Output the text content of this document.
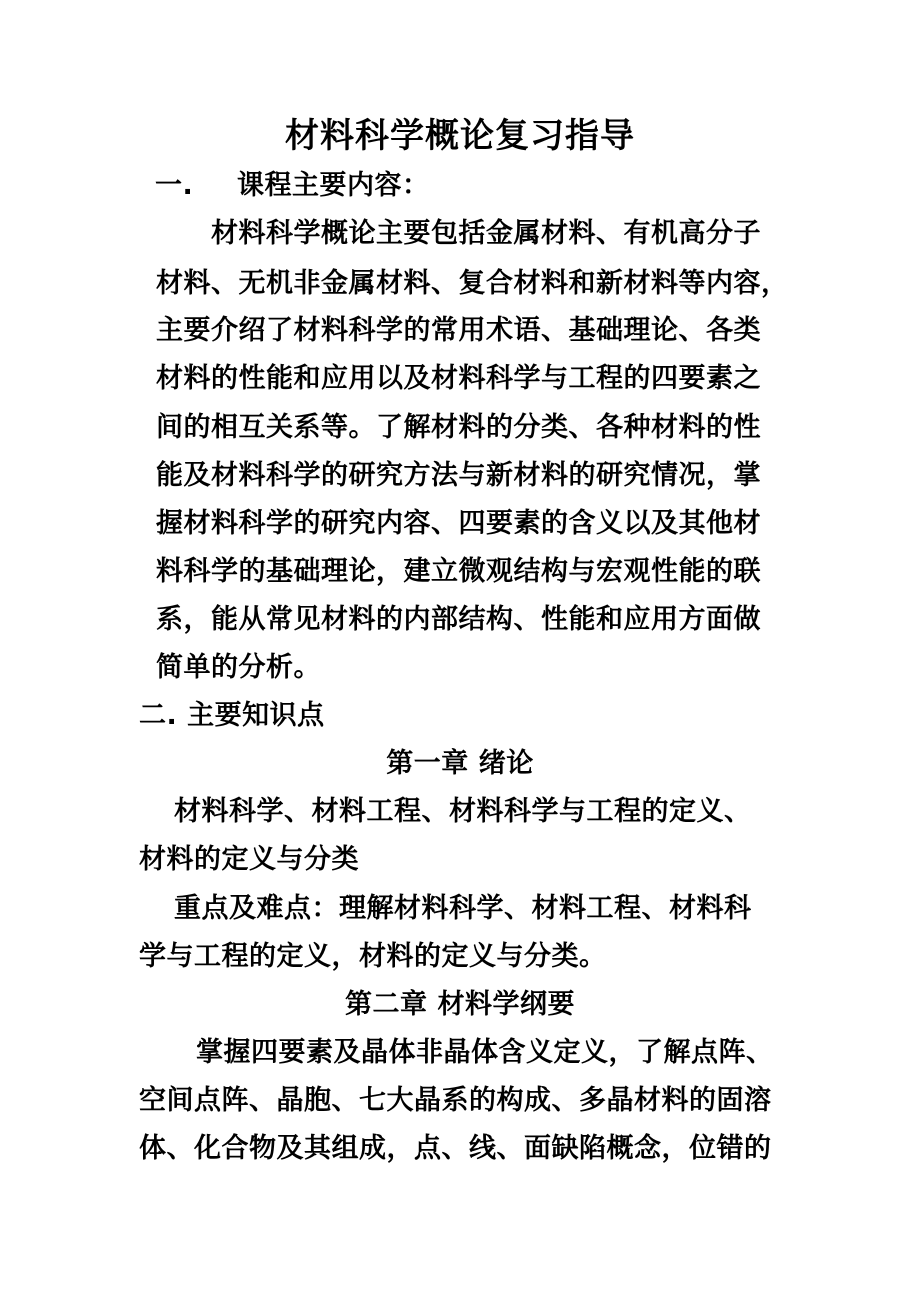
材料科学概论复习指导
一. 课程主要内容：
材料科学概论主要包括金属材料、有机高分子
材料、无机非金属材料、复合材料和新材料等内容，
主要介绍了材料科学的常用术语、基础理论、各类
材料的性能和应用以及材料科学与工程的四要素之
间的相互关系等。了解材料的分类、各种材料的性
能及材料科学的研究方法与新材料的研究情况，掌
握材料科学的研究内容、四要素的含义以及其他材
料科学的基础理论，建立微观结构与宏观性能的联
系，能从常见材料的内部结构、性能和应用方面做
简单的分析。
二. 主要知识点
第一章 绪论
材料科学、材料工程、材料科学与工程的定义、
材料的定义与分类
重点及难点：理解材料科学、材料工程、材料科
学与工程的定义，材料的定义与分类。
第二章 材料学纲要
掌握四要素及晶体非晶体含义定义，了解点阵、
空间点阵、晶胞、七大晶系的构成、多晶材料的固溶
体、化合物及其组成，点、线、面缺陷概念，位错的
